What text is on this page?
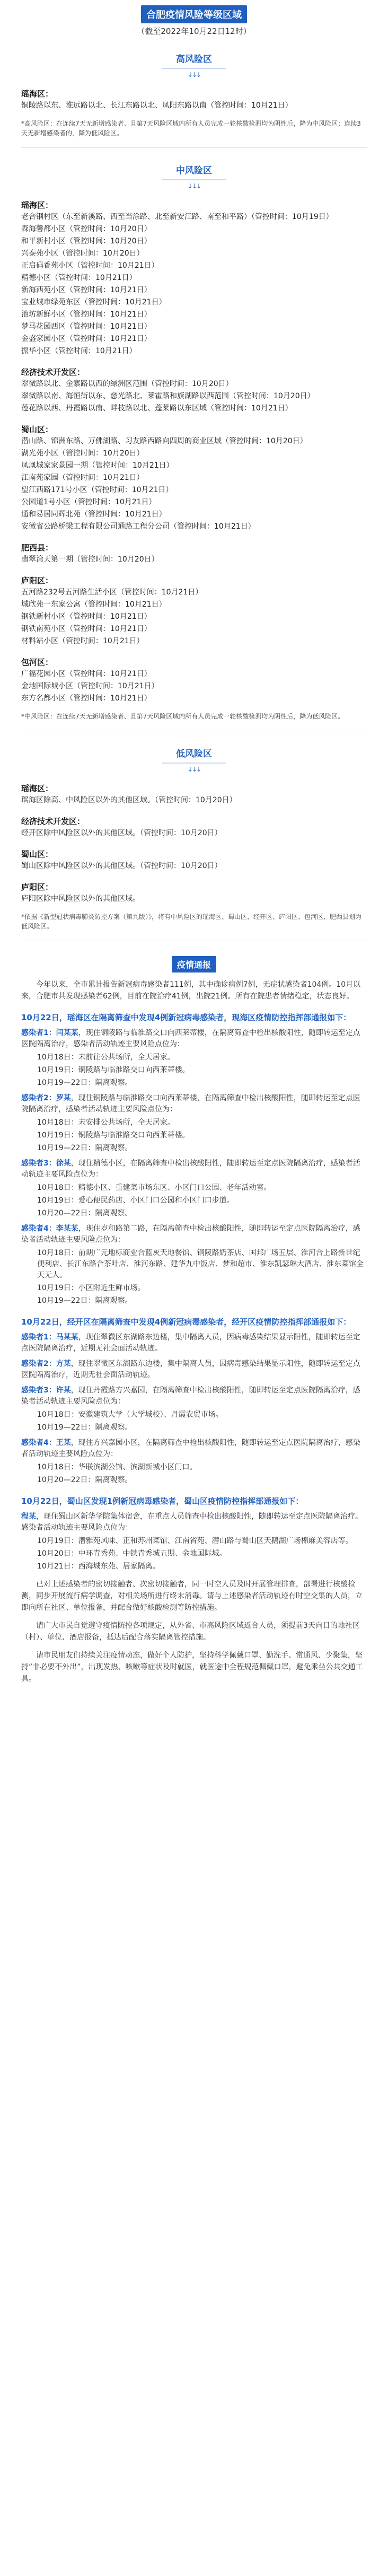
合肥疫情风险等级区域
（截至2022年10月22日12时）
高风险区
↓↓↓
瑶海区：
铜陵路以东、淮远路以北、长江东路以北、凤阳东路以南（管控时间：10月21日）
*高风险区：在连续7天无新增感染者、且第7天风险区域内所有人员完成一轮核酸检测均为阴性后，降为中风险区；连续3天无新增感染者的，降为低风险区。
中风险区
↓↓↓
瑶海区：
老合钢村区（东至新溪路、西至当涂路、北至新安江路、南至和平路）（管控时间：10月19日）
森海馨都小区（管控时间：10月20日）
和平新村小区（管控时间：10月20日）
兴泰苑小区（管控时间：10月20日）
正启码香苑小区（管控时间：10月21日）
精德小区（管控时间：10月21日）
新海西苑小区（管控时间：10月21日）
宝业城市绿苑东区（管控时间：10月21日）
池坊新鲜小区（管控时间：10月21日）
梦马花园西区（管控时间：10月21日）
金盛家园小区（管控时间：10月21日）
振华小区（管控时间：10月21日）
经济技术开发区：
翠微路以北、金寨路以西的绿洲区范围（管控时间：10月20日）
翠微路以南、海恒街以东、慈光路北、莱霍路和旗湖路以西范围（管控时间：10月20日）
莲花路以西、丹霞路以南、畔枝路以北、蓬莱路以东区域（管控时间：10月21日）
蜀山区：
潜山路、锦洲东路、万佛湖路、习友路西路向四周的商业区域（管控时间：10月20日）
湖光苑小区（管控时间：10月20日）
凤凰城家家景园一期（管控时间：10月21日）
江南苑家园（管控时间：10月21日）
望江西路171号小区（管控时间：10月21日）
公园道1号小区（管控时间：10月21日）
通和易居同辉北苑（管控时间：10月21日）
安徽省公路桥梁工程有限公司通路工程分公司（管控时间：10月21日）
肥西县：
翡翠湾天第一期（管控时间：10月20日）
庐阳区：
五河路232号五河路生活小区（管控时间：10月21日）
城欣苑一东家公寓（管控时间：10月21日）
钢铁新村小区（管控时间：10月21日）
钢铁南苑小区（管控时间：10月21日）
材料站小区（管控时间：10月21日）
包河区：
广福花园小区（管控时间：10月21日）
金地国际城小区（管控时间：10月21日）
东方名都小区（管控时间：10月21日）
*中风险区：在连续7天无新增感染者、且第7天风险区域内所有人员完成一轮核酸检测均为阴性后，降为低风险区。
低风险区
↓↓↓
瑶海区：
瑶海区除高、中风险区以外的其他区域。（管控时间：10月20日）
经济技术开发区：
经开区除中风险区以外的其他区域。（管控时间：10月20日）
蜀山区：
蜀山区除中风险区以外的其他区域。（管控时间：10月20日）
庐阳区：
庐阳区除中风险区以外的其他区域。
*依据《新型冠状病毒肺炎防控方案（第九版）》，将有中风险区的瑶海区、蜀山区、经开区、庐阳区、包河区、肥西县划为低风险区。
疫情通报
今年以来，全市累计报告新冠病毒感染者111例，其中确诊病例7例，无症状感染者104例。10月以来，合肥市共发现感染者62例，目前在院治疗41例，出院21例。所有在院患者情绪稳定，状态良好。
10月22日，瑶海区在隔离筛查中发现4例新冠病毒感染者，现海区疫情防控指挥部通报如下：
感染者1：闫某某，现住铜陵路与临淮路交口向西莱蒂楼，在隔离筛查中检出核酸阳性，随即转运至定点医院隔离治疗，感染者活动轨迹主要风险点位为：
10月18日：未前往公共场所，全天居家。
10月19日：铜陵路与临淮路交口向西莱蒂楼。
10月19—22日：隔离观察。
感染者2：罗某，现住铜陵路与临淮路交口向西莱蒂楼，在隔离筛查中检出核酸阳性，随即转运至定点医院隔离治疗，感染者活动轨迹主要风险点位为：
10月18日：未安排公共场所，全天居家。
10月19日：铜陵路与临淮路交口向西莱蒂楼。
10月19—22日：隔离观察。
感染者3：徐某，现住精德小区，在隔离筛查中检出核酸阳性，随即转运至定点医院隔离治疗，感染者活动轨迹主要风险点位为：
10月18日：精德小区、重建菜市场东区、小区门口公园、老年活动室。
10月19日：爱心便民药店、小区门口公园和小区门口步道。
10月20—22日：隔离观察。
感染者4：李某某，现住岁和路第二路，在隔离筛查中检出核酸阳性，随即转运至定点医院隔离治疗，感染者活动轨迹主要风险点位为：
10月18日：前期广元地标商业合蓝灰天地餐馆、铜陵路奶茶店、国邦广场五层、淮河合上路新世纪便利店、长江东路合茶叶店、淮河东路、建华九中饭店、梦和超市、淮东凯瑟琳大酒店、淮东菜馆全天无人。
10月19日：小区附近生鲜市场。
10月19—22日：隔离观察。
10月22日，经开区在隔离筛查中发现4例新冠病毒感染者，经开区疫情防控指挥部通报如下：
感染者1：马某某，现住翠微区东湖路东边楼，集中隔离人员，因病毒感染结果显示阳性，随即转运至定点医院隔离治疗，近期无社会面活动轨迹。
感染者2：方某，现住翠微区东湖路东边楼，集中隔离人员，因病毒感染结果显示阳性，随即转运至定点医院隔离治疗，近期无社会面活动轨迹。
感染者3：许某，现住丹霞路方兴嘉园，在隔离筛查中检出核酸阳性，随即转运至定点医院隔离治疗，感染者活动轨迹主要风险点位为：
10月18日：安徽建筑大学（大学城校）、丹霞农贸市场。
10月19—22日：隔离观察。
感染者4：王某，现住方兴嘉园小区，在隔离筛查中检出核酸阳性，随即转运至定点医院隔离治疗，感染者活动轨迹主要风险点位为：
10月18日：华联滨湖公馆、滨湖新城小区门口。
10月20—22日：隔离观察。
10月22日，蜀山区发现1例新冠病毒感染者，蜀山区疫情防控指挥部通报如下：
程某，现住蜀山区新华学院集体宿舍，在重点人员筛查中检出核酸阳性，随即转运至定点医院隔离治疗。感染者活动轨迹主要风险点位为：
10月19日：潜雅苑风味、正和苏州菜馆、江南省苑、潜山路与蜀山区天鹅湖广场棉麻美容店等。
10月20日：中环青秀苑、中铁青秀城五期、金地国际城。
10月21日：西海城东苑、居家隔离。
已对上述感染者的密切接触者、次密切接触者，同一时空人员及时开展管理排查，部署进行核酸检测，同步开展流行病学调查，对相关场所进行终末消毒。请与上述感染者活动轨迹有时空交集的人员，立即向所在社区、单位报备，并配合做好核酸检测等防控措施。
请广大市民自觉遵守疫情防控各项规定，从外省、市高风险区域返合人员，须提前3天向目的地社区（村）、单位、酒店报备，抵达后配合落实隔离管控措施。
请市民朋友们持续关注疫情动态，做好个人防护，坚持科学佩戴口罩、勤洗手、常通风、少聚集，坚持“非必要不外出”，出现发热、咳嗽等症状及时就医，就医途中全程规范佩戴口罩，避免乘坐公共交通工具。
